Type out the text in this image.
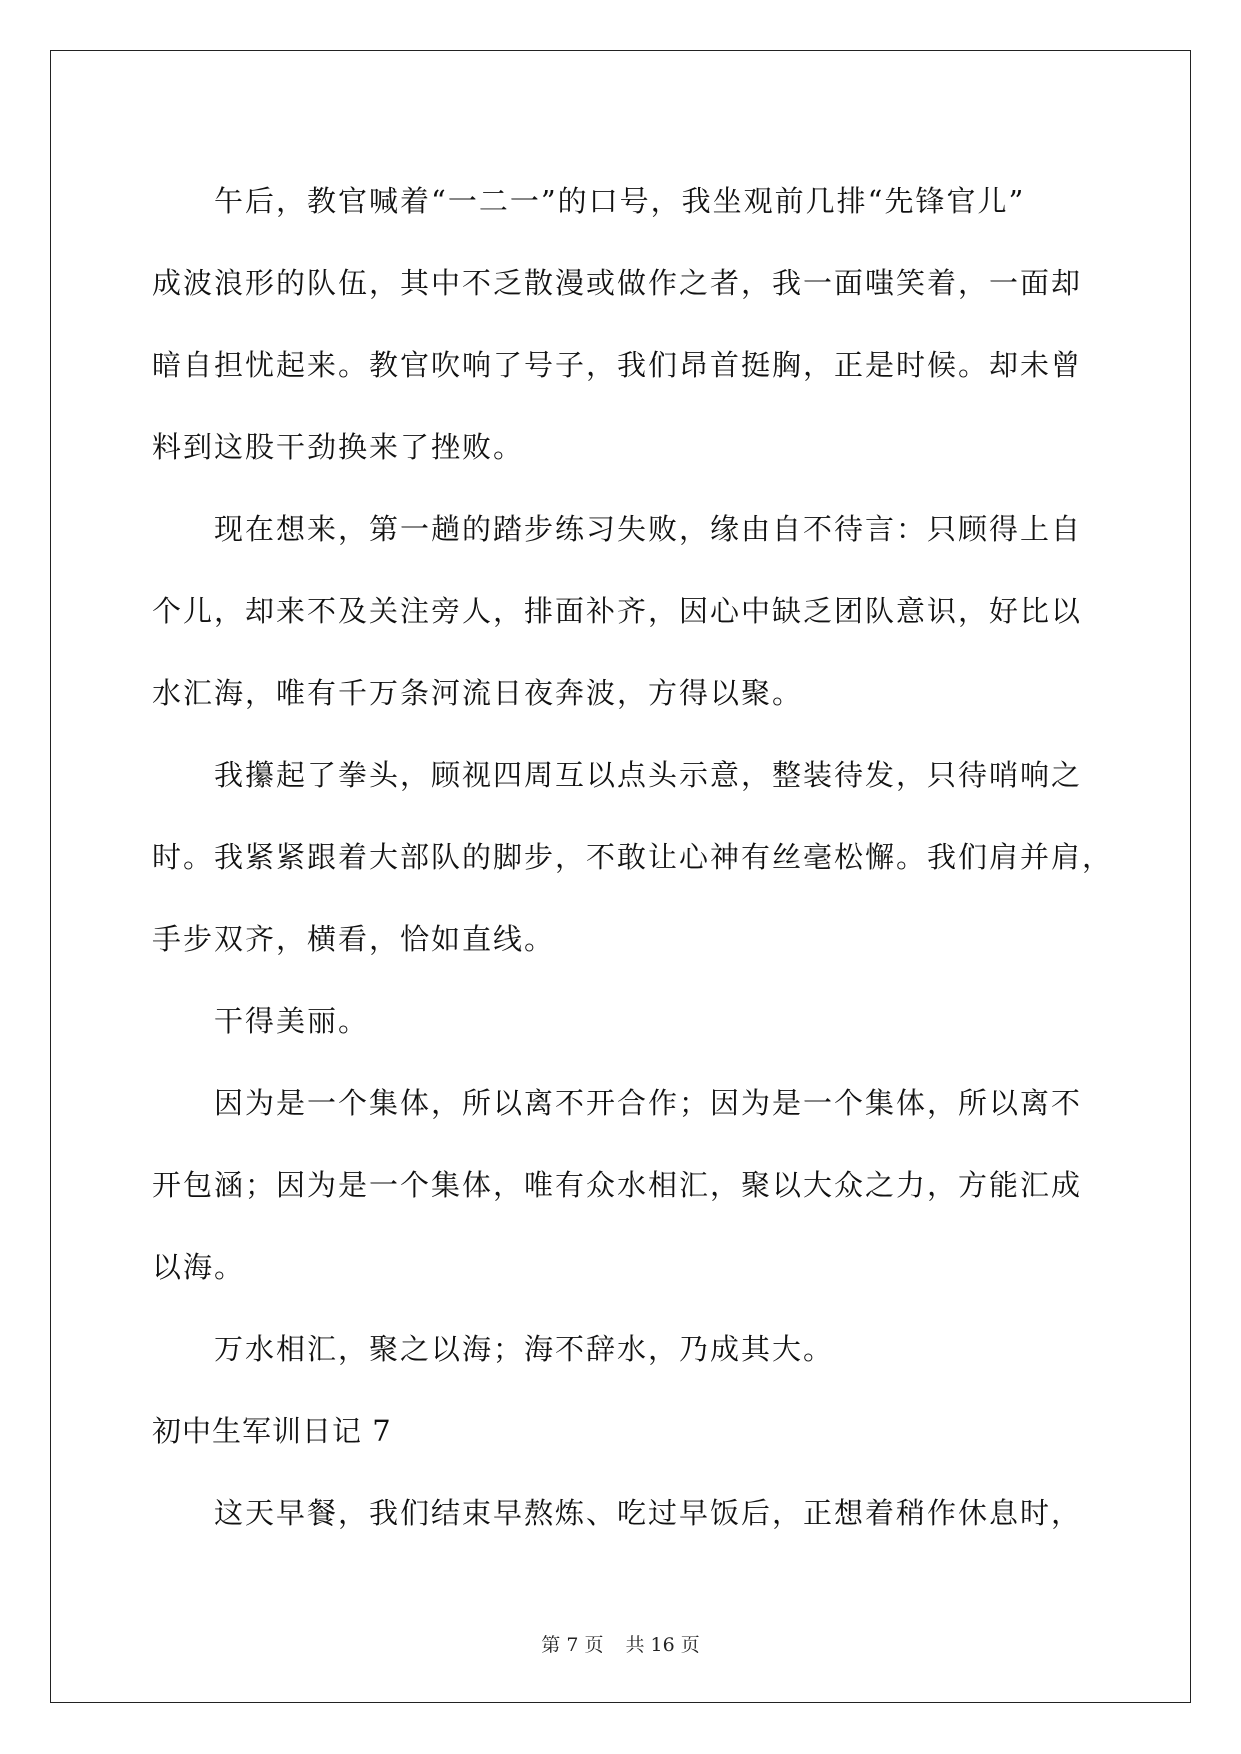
午后，教官喊着“一二一”的口号，我坐观前几排“先锋官儿”
成波浪形的队伍，其中不乏散漫或做作之者，我一面嗤笑着，一面却
暗自担忧起来。教官吹响了号子，我们昂首挺胸，正是时候。却未曾
料到这股干劲换来了挫败。

现在想来，第一趟的踏步练习失败，缘由自不待言：只顾得上自
个儿，却来不及关注旁人，排面补齐，因心中缺乏团队意识，好比以
水汇海，唯有千万条河流日夜奔波，方得以聚。

我攥起了拳头，顾视四周互以点头示意，整装待发，只待哨响之
时。我紧紧跟着大部队的脚步，不敢让心神有丝毫松懈。我们肩并肩，
手步双齐，横看，恰如直线。

干得美丽。

因为是一个集体，所以离不开合作；因为是一个集体，所以离不
开包涵；因为是一个集体，唯有众水相汇，聚以大众之力，方能汇成
以海。

万水相汇，聚之以海；海不辞水，乃成其大。

初中生军训日记 7

这天早餐，我们结束早熬炼、吃过早饭后，正想着稍作休息时，

第 7 页 共 16 页
